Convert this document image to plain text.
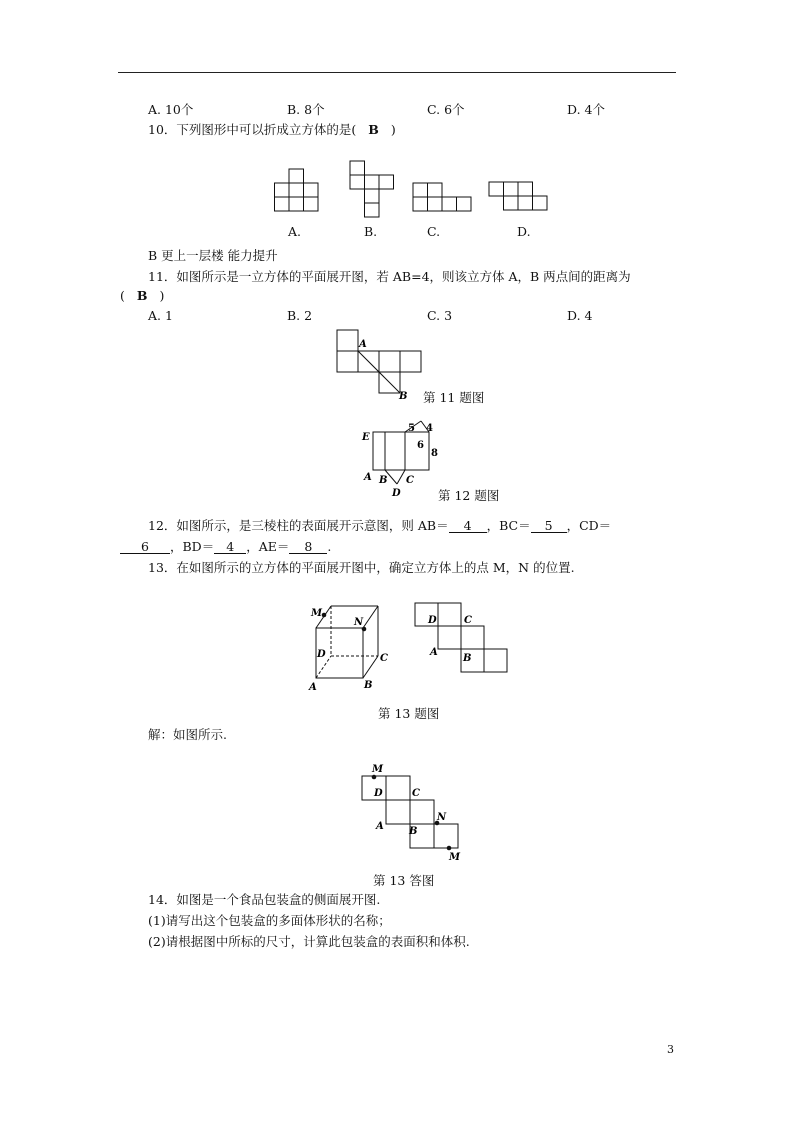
A. 10个	B. 8个	C. 6个	D. 4个
10．下列图形中可以折成立方体的是( B )
A.	B.	C.	D.
B 更上一层楼 能力提升
11．如图所示是一立方体的平面展开图，若 AB=4，则该立方体 A，B 两点间的距离为
( B )
A. 1	B. 2	C. 3	D. 4
A
B 第 11 题图
E
A B C
D
5 4
6
8
第 12 题图
12．如图所示，是三棱柱的表面展开示意图，则 AB＝ 4 ，BC＝ 5 ，CD＝
6 ，BD＝ 4 ，AE＝ 8 .
13．在如图所示的立方体的平面展开图中，确定立方体上的点 M，N 的位置.
M
N
D	C
A	B
D	C
A
B
第 13 题图
解：如图所示.
M
D	C
N
A	B
M
第 13 答图
14．如图是一个食品包装盒的侧面展开图.
(1)请写出这个包装盒的多面体形状的名称；
(2)请根据图中所标的尺寸，计算此包装盒的表面积和体积.
3
